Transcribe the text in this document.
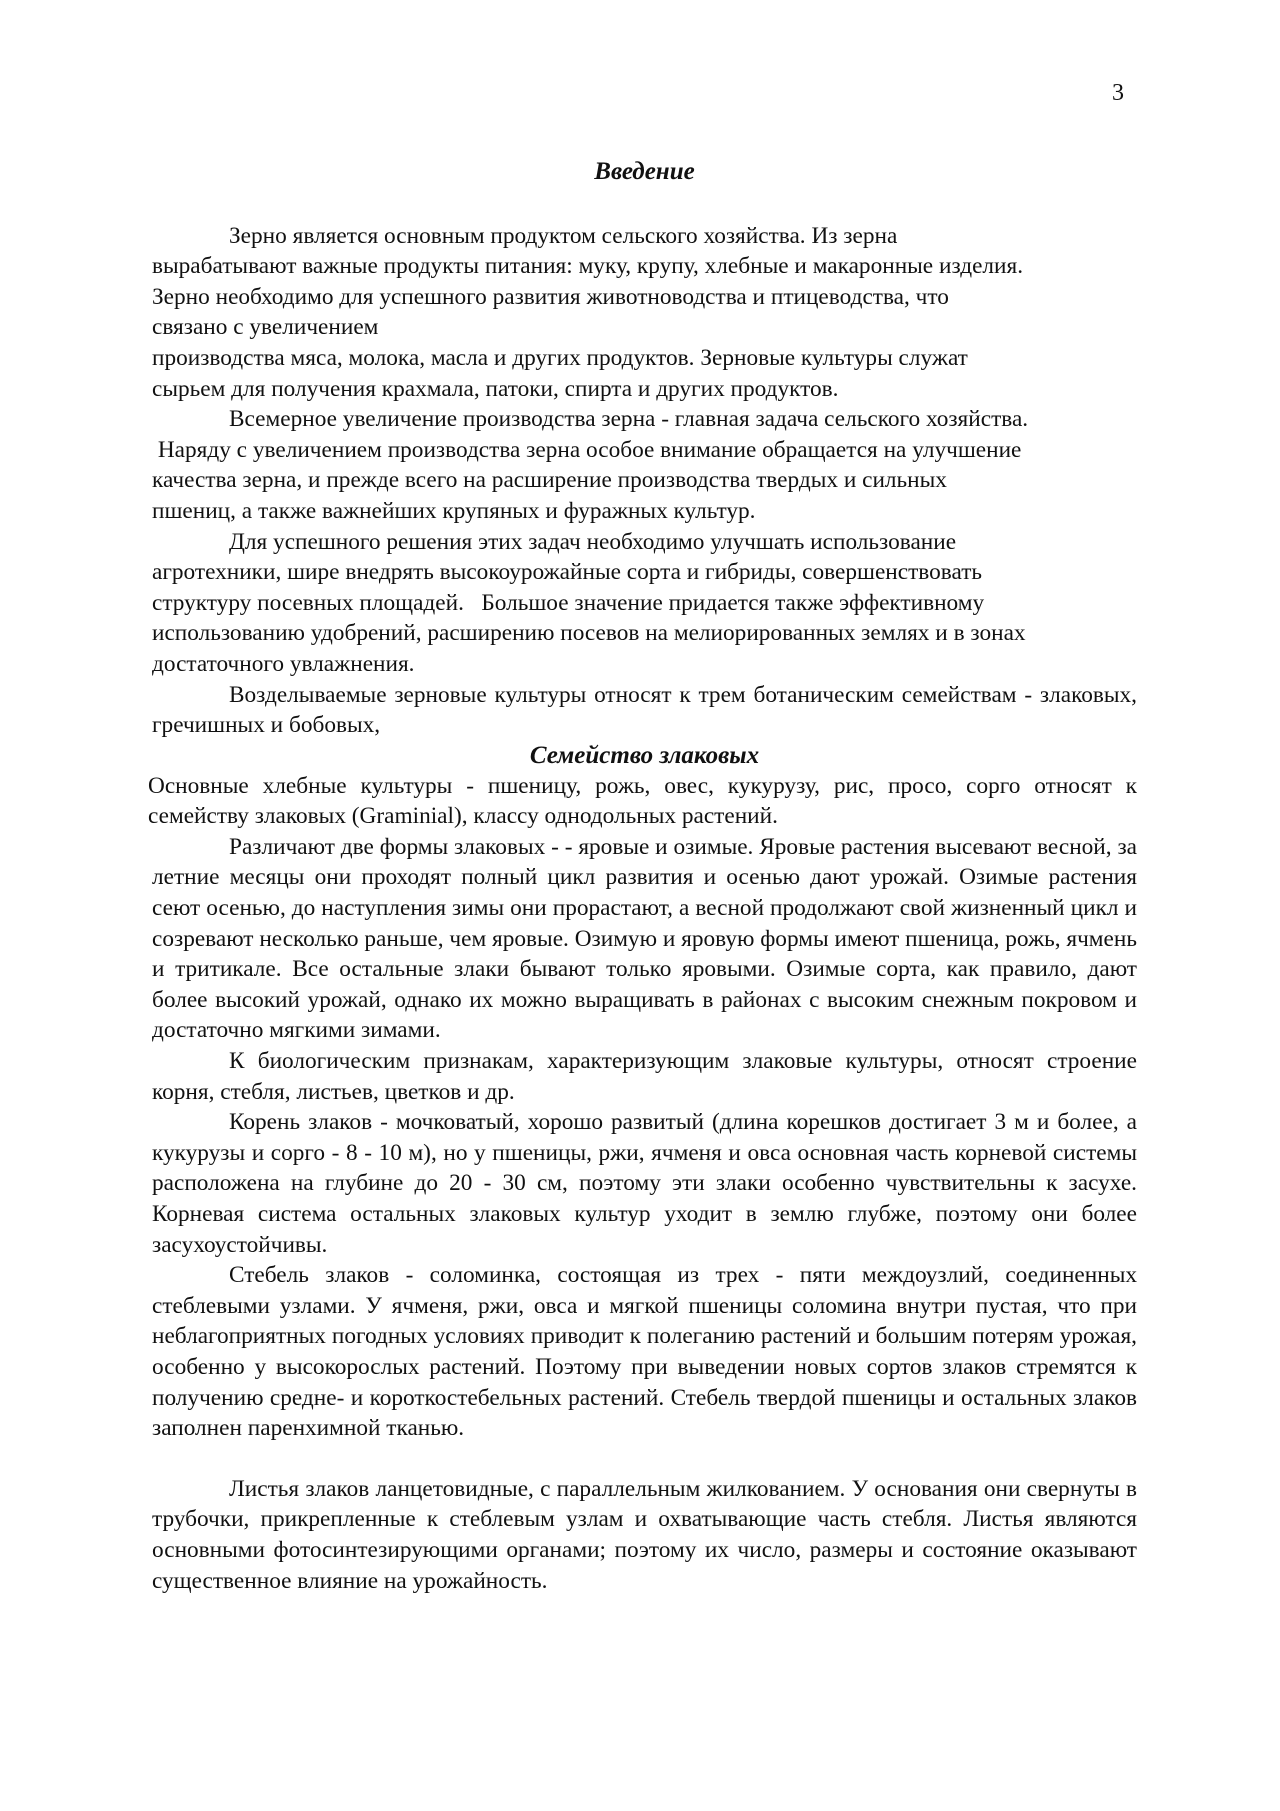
3
Введение

Зерно является основным продуктом сельского хозяйства. Из зерна
вырабатывают важные продукты питания: муку, крупу, хлебные и макаронные изделия.
Зерно необходимо для успешного развития животноводства и птицеводства, что
связано с увеличением
производства мяса, молока, масла и других продуктов. Зерновые культуры служат
сырьем для получения крахмала, патоки, спирта и других продуктов.

Всемерное увеличение производства зерна - главная задача сельского хозяйства.
Наряду с увеличением производства зерна особое внимание обращается на улучшение
качества зерна, и прежде всего на расширение производства твердых и сильных
пшениц, а также важнейших крупяных и фуражных культур.

Для успешного решения этих задач необходимо улучшать использование
агротехники, шире внедрять высокоурожайные сорта и гибриды, совершенствовать
структуру посевных площадей.   Большое значение придается также эффективному
использованию удобрений, расширению посевов на мелиорированных землях и в зонах
достаточного увлажнения.

Возделываемые зерновые культуры относят к трем ботаническим семействам - злаковых, гречишных и бобовых,

Семейство злаковых

Основные хлебные культуры - пшеницу, рожь, овес, кукурузу, рис, просо, сорго относят к семейству злаковых (Graminial), классу однодольных растений.

Различают две формы злаковых - - яровые и озимые. Яровые растения высевают весной, за летние месяцы они проходят полный цикл развития и осенью дают урожай. Озимые растения сеют осенью, до наступления зимы они прорастают, а весной продолжают свой жизненный цикл и созревают несколько раньше, чем яровые. Озимую и яровую формы имеют пшеница, рожь, ячмень и тритикале. Все остальные злаки бывают только яровыми. Озимые сорта, как правило, дают более высокий урожай, однако их можно выращивать в районах с высоким снежным покровом и достаточно мягкими зимами.

К биологическим признакам, характеризующим злаковые культуры, относят строение корня, стебля, листьев, цветков и др.

Корень злаков - мочковатый, хорошо развитый (длина корешков достигает 3 м и более, а кукурузы и сорго - 8 - 10 м), но у пшеницы, ржи, ячменя и овса основная часть корневой системы расположена на глубине до 20 - 30 см, поэтому эти злаки особенно чувствительны к засухе. Корневая система остальных злаковых культур уходит в землю глубже, поэтому они более засухоустойчивы.

Стебель злаков - соломинка, состоящая из трех - пяти междоузлий, соединенных стеблевыми узлами. У ячменя, ржи, овса и мягкой пшеницы соломина внутри пустая, что при неблагоприятных погодных условиях приводит к полеганию растений и большим потерям урожая, особенно у высокорослых растений. Поэтому при выведении новых сортов злаков стремятся к получению средне- и короткостебельных растений. Стебель твердой пшеницы и остальных злаков заполнен паренхимной тканью.

Листья злаков ланцетовидные, с параллельным жилкованием. У основания они свернуты в трубочки, прикрепленные к стеблевым узлам и охватывающие часть стебля. Листья являются основными фотосинтезирующими органами; поэтому их число, размеры и состояние оказывают существенное влияние на урожайность.
